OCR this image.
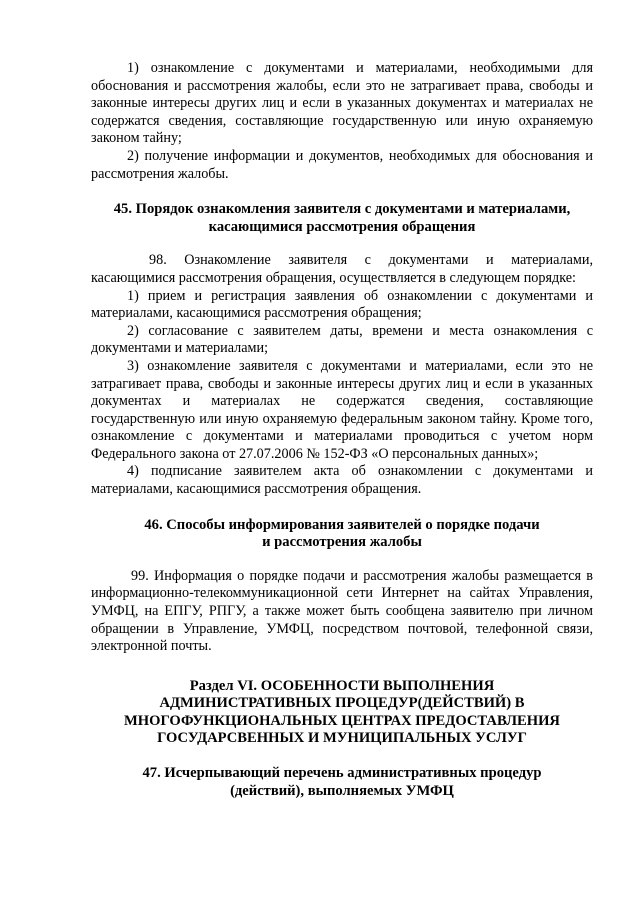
1) ознакомление с документами и материалами, необходимыми для обоснования и рассмотрения жалобы, если это не затрагивает права, свободы и законные интересы других лиц и если в указанных документах и материалах не содержатся сведения, составляющие государственную или иную охраняемую законом тайну;

2) получение информации и документов, необходимых для обоснования и рассмотрения жалобы.

45. Порядок ознакомления заявителя с документами и материалами,
касающимися рассмотрения обращения

98. Ознакомление заявителя с документами и материалами, касающимися рассмотрения обращения, осуществляется в следующем порядке:

1) прием и регистрация заявления об ознакомлении с документами и материалами, касающимися рассмотрения обращения;

2) согласование с заявителем даты, времени и места ознакомления с документами и материалами;

3) ознакомление заявителя с документами и материалами, если это не затрагивает права, свободы и законные интересы других лиц и если в указанных документах и материалах не содержатся сведения, составляющие государственную или иную охраняемую федеральным законом тайну. Кроме того, ознакомление с документами и материалами проводиться с учетом норм Федерального закона от 27.07.2006 № 152-ФЗ «О персональных данных»;

4) подписание заявителем акта об ознакомлении с документами и материалами, касающимися рассмотрения обращения.

46. Способы информирования заявителей о порядке подачи
и рассмотрения жалобы

99. Информация о порядке подачи и рассмотрения жалобы размещается в информационно-телекоммуникационной сети Интернет на сайтах Управления, УМФЦ, на ЕПГУ, РПГУ, а также может быть сообщена заявителю при личном обращении в Управление, УМФЦ, посредством почтовой, телефонной связи, электронной почты.

Раздел VI. ОСОБЕННОСТИ ВЫПОЛНЕНИЯ
АДМИНИСТРАТИВНЫХ ПРОЦЕДУР(ДЕЙСТВИЙ) В
МНОГОФУНКЦИОНАЛЬНЫХ ЦЕНТРАХ ПРЕДОСТАВЛЕНИЯ
ГОСУДАРСВЕННЫХ И МУНИЦИПАЛЬНЫХ УСЛУГ
47. Исчерпывающий перечень административных процедур
(действий), выполняемых УМФЦ
